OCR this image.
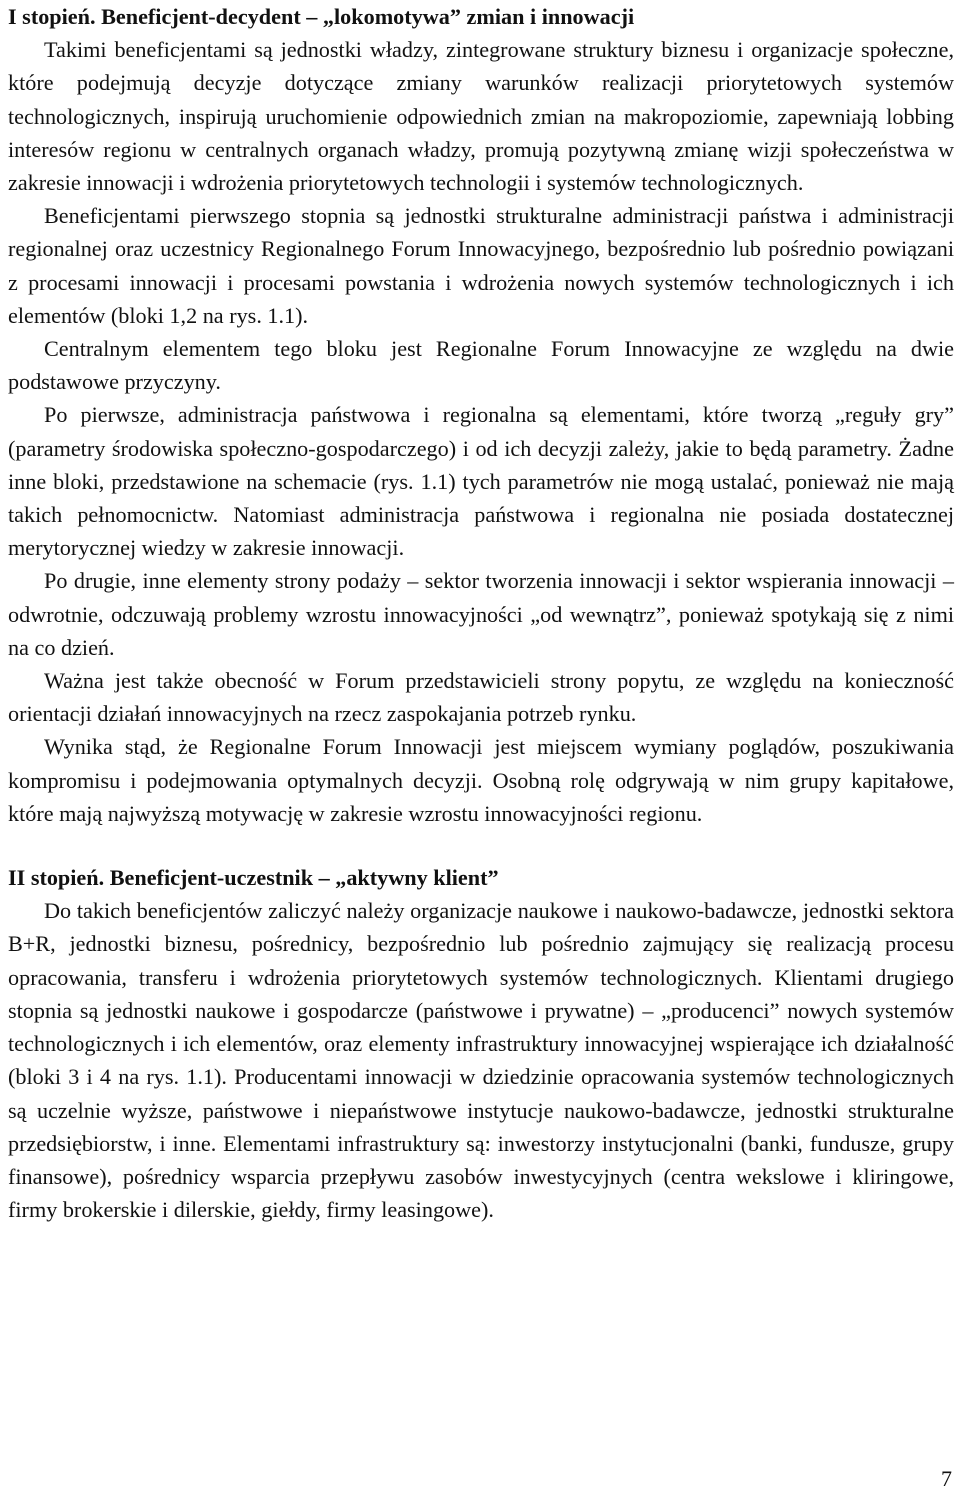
I stopień. Beneficjent-decydent – „lokomotywa” zmian i innowacji

Takimi beneficjentami są jednostki władzy, zintegrowane struktury biznesu i organizacje społeczne, które podejmują decyzje dotyczące zmiany warunków realizacji priorytetowych systemów technologicznych, inspirują uruchomienie odpowiednich zmian na makropoziomie, zapewniają lobbing interesów regionu w centralnych organach władzy, promują pozytywną zmianę wizji społeczeństwa w zakresie innowacji i wdrożenia priorytetowych technologii i systemów technologicznych.

Beneficjentami pierwszego stopnia są jednostki strukturalne administracji państwa i administracji regionalnej oraz uczestnicy Regionalnego Forum Innowacyjnego, bezpośrednio lub pośrednio powiązani z procesami innowacji i procesami powstania i wdrożenia nowych systemów technologicznych i ich elementów (bloki 1,2 na rys. 1.1).

Centralnym elementem tego bloku jest Regionalne Forum Innowacyjne ze względu na dwie podstawowe przyczyny.

Po pierwsze, administracja państwowa i regionalna są elementami, które tworzą „reguły gry” (parametry środowiska społeczno-gospodarczego) i od ich decyzji zależy, jakie to będą parametry. Żadne inne bloki, przedstawione na schemacie (rys. 1.1) tych parametrów nie mogą ustalać, ponieważ nie mają takich pełnomocnictw. Natomiast administracja państwowa i regionalna nie posiada dostatecznej merytorycznej wiedzy w zakresie innowacji.

Po drugie, inne elementy strony podaży – sektor tworzenia innowacji i sektor wspierania innowacji – odwrotnie, odczuwają problemy wzrostu innowacyjności „od wewnątrz”, ponieważ spotykają się z nimi na co dzień.

Ważna jest także obecność w Forum przedstawicieli strony popytu, ze względu na konieczność orientacji działań innowacyjnych na rzecz zaspokajania potrzeb rynku.

Wynika stąd, że Regionalne Forum Innowacji jest miejscem wymiany poglądów, poszukiwania kompromisu i podejmowania optymalnych decyzji. Osobną rolę odgrywają w nim grupy kapitałowe, które mają najwyższą motywację w zakresie wzrostu innowacyjności regionu.

II stopień. Beneficjent-uczestnik – „aktywny klient”

Do takich beneficjentów zaliczyć należy organizacje naukowe i naukowo-badawcze, jednostki sektora B+R, jednostki biznesu, pośrednicy, bezpośrednio lub pośrednio zajmujący się realizacją procesu opracowania, transferu i wdrożenia priorytetowych systemów technologicznych. Klientami drugiego stopnia są jednostki naukowe i gospodarcze (państwowe i prywatne) – „producenci” nowych systemów technologicznych i ich elementów, oraz elementy infrastruktury innowacyjnej wspierające ich działalność (bloki 3 i 4 na rys. 1.1). Producentami innowacji w dziedzinie opracowania systemów technologicznych są uczelnie wyższe, państwowe i niepaństwowe instytucje naukowo-badawcze, jednostki strukturalne przedsiębiorstw, i inne. Elementami infrastruktury są: inwestorzy instytucjonalni (banki, fundusze, grupy finansowe), pośrednicy wsparcia przepływu zasobów inwestycyjnych (centra wekslowe i kliringowe, firmy brokerskie i dilerskie, giełdy, firmy leasingowe).

7
